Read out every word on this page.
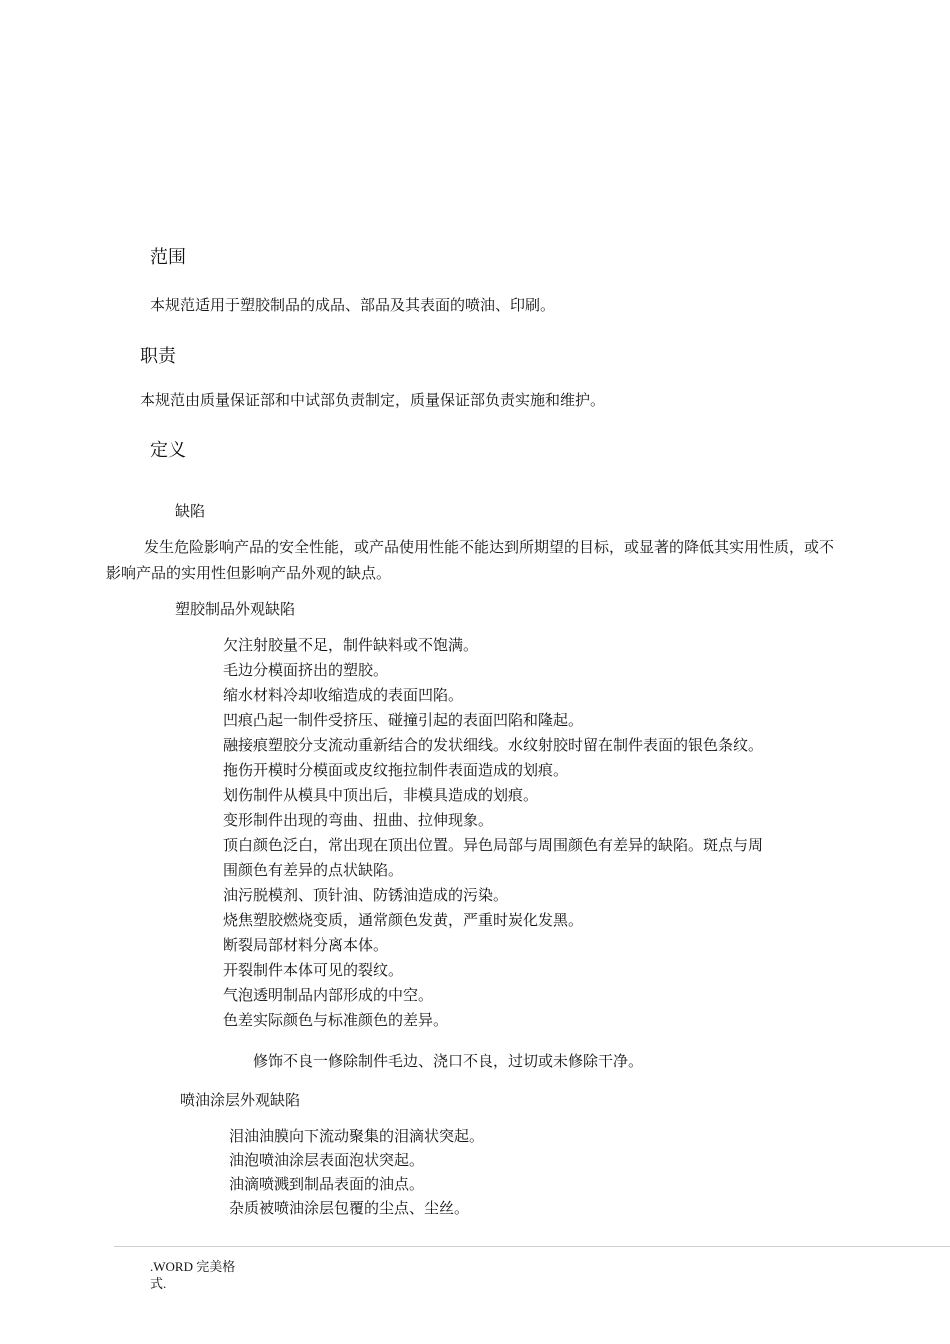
范围
本规范适用于塑胶制品的成品、部品及其表面的喷油、印刷。
职责
本规范由质量保证部和中试部负责制定，质量保证部负责实施和维护。
定义
缺陷
发生危险影响产品的安全性能，或产品使用性能不能达到所期望的目标，或显著的降低其实用性质，或不影响产品的实用性但影响产品外观的缺点。
塑胶制品外观缺陷
欠注射胶量不足，制件缺料或不饱满。
毛边分模面挤出的塑胶。
缩水材料冷却收缩造成的表面凹陷。
凹痕凸起一制件受挤压、碰撞引起的表面凹陷和隆起。
融接痕塑胶分支流动重新结合的发状细线。水纹射胶时留在制件表面的银色条纹。
拖伤开模时分模面或皮纹拖拉制件表面造成的划痕。
划伤制件从模具中顶出后，非模具造成的划痕。
变形制件出现的弯曲、扭曲、拉伸现象。
顶白颜色泛白，常出现在顶出位置。异色局部与周围颜色有差异的缺陷。斑点与周
围颜色有差异的点状缺陷。
油污脱模剂、顶针油、防锈油造成的污染。
烧焦塑胶燃烧变质，通常颜色发黄，严重时炭化发黑。
断裂局部材料分离本体。
开裂制件本体可见的裂纹。
气泡透明制品内部形成的中空。
色差实际颜色与标准颜色的差异。
修饰不良一修除制件毛边、浇口不良，过切或未修除干净。
喷油涂层外观缺陷
泪油油膜向下流动聚集的泪滴状突起。
油泡喷油涂层表面泡状突起。
油滴喷溅到制品表面的油点。
杂质被喷油涂层包覆的尘点、尘丝。
.WORD 完美格式.
